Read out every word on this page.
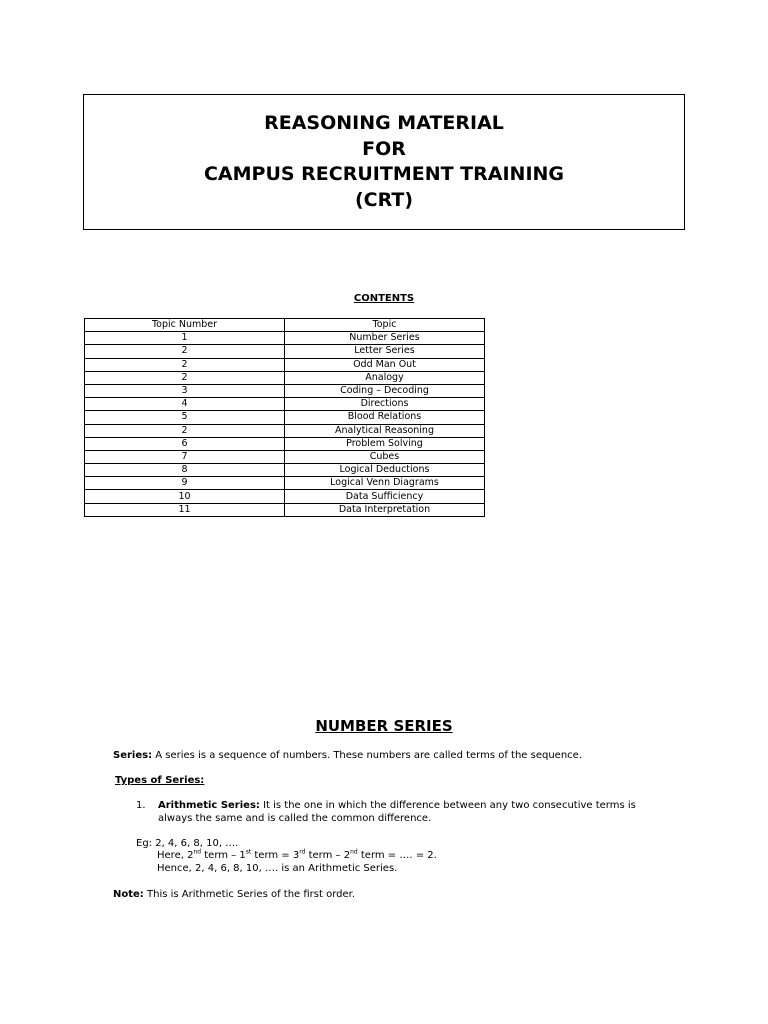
REASONING MATERIAL
FOR
CAMPUS RECRUITMENT TRAINING
(CRT)
CONTENTS
Topic Number	Topic
1	Number Series
2	Letter Series
2	Odd Man Out
2	Analogy
3	Coding – Decoding
4	Directions
5	Blood Relations
2	Analytical Reasoning
6	Problem Solving
7	Cubes
8	Logical Deductions
9	Logical Venn Diagrams
10	Data Sufficiency
11	Data Interpretation
NUMBER SERIES
Series: A series is a sequence of numbers. These numbers are called terms of the sequence.
Types of Series:
1. Arithmetic Series: It is the one in which the difference between any two consecutive terms is
always the same and is called the common difference.
Eg: 2, 4, 6, 8, 10, ….
Here, 2nd term – 1st term = 3rd term – 2nd term = …. = 2.
Hence, 2, 4, 6, 8, 10, …. is an Arithmetic Series.
Note: This is Arithmetic Series of the first order.
